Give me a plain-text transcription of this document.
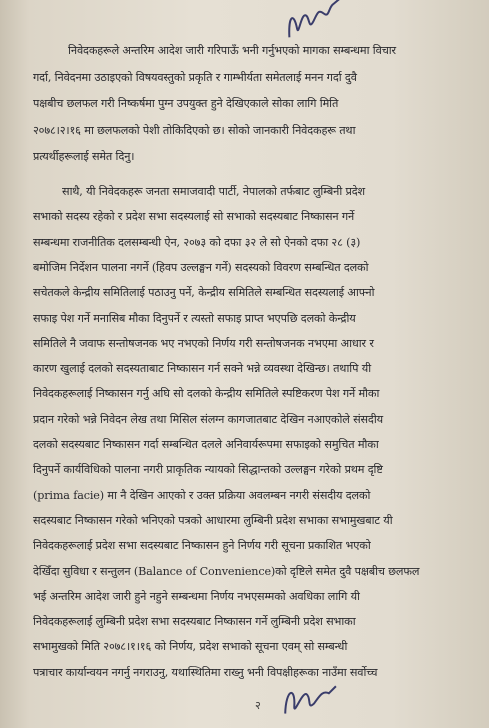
निवेदकहरूले अन्तरिम आदेश जारी गरिपाऊँ भनी गर्नुभएको मागका सम्बन्धमा विचार
गर्दा, निवेदनमा उठाइएको विषयवस्तुको प्रकृति र गाम्भीर्यता समेतलाई मनन गर्दा दुवै
पक्षबीच छलफल गरी निष्कर्षमा पुग्न उपयुक्त हुने देखिएकाले सोका लागि मिति
२०७८।२।१६ मा छलफलको पेशी तोकिदिएको छ। सोको जानकारी निवेदकहरू तथा
प्रत्यर्थीहरूलाई समेत दिनु।
साथै, यी निवेदकहरू जनता समाजवादी पार्टी, नेपालको तर्फबाट लुम्बिनी प्रदेश
सभाको सदस्य रहेको र प्रदेश सभा सदस्यलाई सो सभाको सदस्यबाट निष्कासन गर्ने
सम्बन्धमा राजनीतिक दलसम्बन्धी ऐन, २०७३ को दफा ३२ ले सो ऐनको दफा २८ (३)
बमोजिम निर्देशन पालना नगर्ने (हिवप उल्लङ्घन गर्ने) सदस्यको विवरण सम्बन्धित दलको
सचेतकले केन्द्रीय समितिलाई पठाउनु पर्ने, केन्द्रीय समितिले सम्बन्धित सदस्यलाई आफ्नो
सफाइ पेश गर्ने मनासिब मौका दिनुपर्ने र त्यस्तो सफाइ प्राप्त भएपछि दलको केन्द्रीय
समितिले नै जवाफ सन्तोषजनक भए नभएको निर्णय गरी सन्तोषजनक नभएमा आधार र
कारण खुलाई दलको सदस्यताबाट निष्कासन गर्न सक्ने भन्ने व्यवस्था देखिन्छ। तथापि यी
निवेदकहरूलाई निष्कासन गर्नु अघि सो दलको केन्द्रीय समितिले स्पष्टिकरण पेश गर्ने मौका
प्रदान गरेको भन्ने निवेदन लेख तथा मिसिल संलग्न कागजातबाट देखिन नआएकोले संसदीय
दलको सदस्यबाट निष्कासन गर्दा सम्बन्धित दलले अनिवार्यरूपमा सफाइको समुचित मौका
दिनुपर्ने कार्यविधिको पालना नगरी प्राकृतिक न्यायको सिद्धान्तको उल्लङ्घन गरेको प्रथम दृष्टि
(prima facie) मा नै देखिन आएको र उक्त प्रक्रिया अवलम्बन नगरी संसदीय दलको
सदस्यबाट निष्कासन गरेको भनिएको पत्रको आधारमा लुम्बिनी प्रदेश सभाका सभामुखबाट यी
निवेदकहरूलाई प्रदेश सभा सदस्यबाट निष्कासन हुने निर्णय गरी सूचना प्रकाशित भएको
देखिँदा सुविधा र सन्तुलन (Balance of Convenience)को दृष्टिले समेत दुवै पक्षबीच छलफल
भई अन्तरिम आदेश जारी हुने नहुने सम्बन्धमा निर्णय नभएसम्मको अवधिका लागि यी
निवेदकहरूलाई लुम्बिनी प्रदेश सभा सदस्यबाट निष्कासन गर्ने लुम्बिनी प्रदेश सभाका
सभामुखको मिति २०७८।१।१६ को निर्णय, प्रदेश सभाको सूचना एवम् सो सम्बन्धी
पत्राचार कार्यान्वयन नगर्नु नगराउनु, यथास्थितिमा राख्नु भनी विपक्षीहरूका नाउँमा सर्वोच्च
२
